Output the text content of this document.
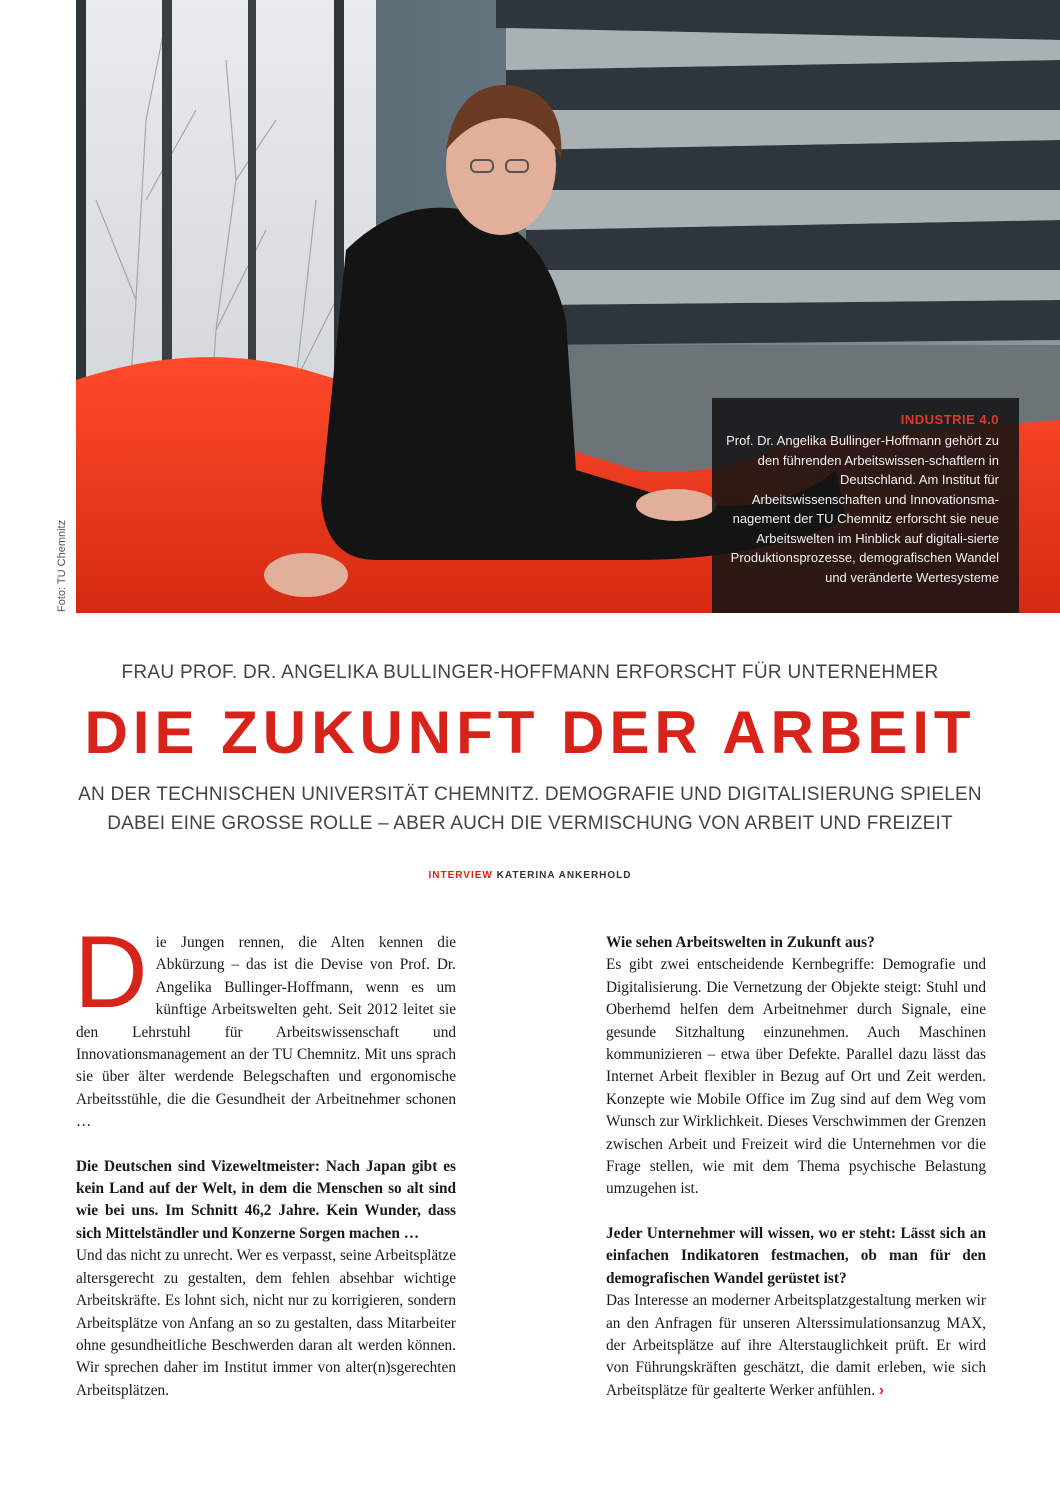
Foto: TU Chemnitz
INDUSTRIE 4.0
Prof. Dr. Angelika Bullinger-Hoffmann gehört zu den führenden Arbeitswissen-schaftlern in Deutschland. Am Institut für Arbeitswissenschaften und Innovationsma-nagement der TU Chemnitz erforscht sie neue Arbeitswelten im Hinblick auf digitali-sierte Produktionsprozesse, demografischen Wandel und veränderte Wertesysteme
FRAU PROF. DR. ANGELIKA BULLINGER-HOFFMANN ERFORSCHT FÜR UNTERNEHMER
DIE ZUKUNFT DER ARBEIT
AN DER TECHNISCHEN UNIVERSITÄT CHEMNITZ. DEMOGRAFIE UND DIGITALISIERUNG SPIELEN
DABEI EINE GROSSE ROLLE – ABER AUCH DIE VERMISCHUNG VON ARBEIT UND FREIZEIT
INTERVIEW KATERINA ANKERHOLD
D ie Jungen rennen, die Alten kennen die Abkürzung – das ist die Devise von Prof. Dr. Angelika Bullinger-Hoffmann, wenn es um künftige Arbeitswelten geht. Seit 2012 leitet sie den Lehrstuhl für Arbeitswissenschaft und Innovationsmanagement an der TU Chemnitz. Mit uns sprach sie über älter werdende Belegschaften und ergonomische Arbeitsstühle, die die Gesundheit der Arbeitnehmer schonen …

Die Deutschen sind Vizeweltmeister: Nach Japan gibt es kein Land auf der Welt, in dem die Menschen so alt sind wie bei uns. Im Schnitt 46,2 Jahre. Kein Wunder, dass sich Mittelständler und Konzerne Sorgen machen …

Und das nicht zu unrecht. Wer es verpasst, seine Arbeitsplätze altersgerecht zu gestalten, dem fehlen absehbar wichtige Arbeitskräfte. Es lohnt sich, nicht nur zu korrigieren, sondern Arbeitsplätze von Anfang an so zu gestalten, dass Mitarbeiter ohne gesundheitliche Beschwerden daran alt werden können. Wir sprechen daher im Institut immer von alter(n)sgerechten Arbeitsplätzen.

Wie sehen Arbeitswelten in Zukunft aus?

Es gibt zwei entscheidende Kernbegriffe: Demografie und Digitalisierung. Die Vernetzung der Objekte steigt: Stuhl und Oberhemd helfen dem Arbeitnehmer durch Signale, eine gesunde Sitzhaltung einzunehmen. Auch Maschinen kommunizieren – etwa über Defekte. Parallel dazu lässt das Internet Arbeit flexibler in Bezug auf Ort und Zeit werden. Konzepte wie Mobile Office im Zug sind auf dem Weg vom Wunsch zur Wirklichkeit. Dieses Verschwimmen der Grenzen zwischen Arbeit und Freizeit wird die Unternehmen vor die Frage stellen, wie mit dem Thema psychische Belastung umzugehen ist.

Jeder Unternehmer will wissen, wo er steht: Lässt sich an einfachen Indikatoren festmachen, ob man für den demografischen Wandel gerüstet ist?

Das Interesse an moderner Arbeitsplatzgestaltung merken wir an den Anfragen für unseren Alterssimulationsanzug MAX, der Arbeitsplätze auf ihre Alterstauglichkeit prüft. Er wird von Führungskräften geschätzt, die damit erleben, wie sich Arbeitsplätze für gealterte Werker anfühlen. ›
